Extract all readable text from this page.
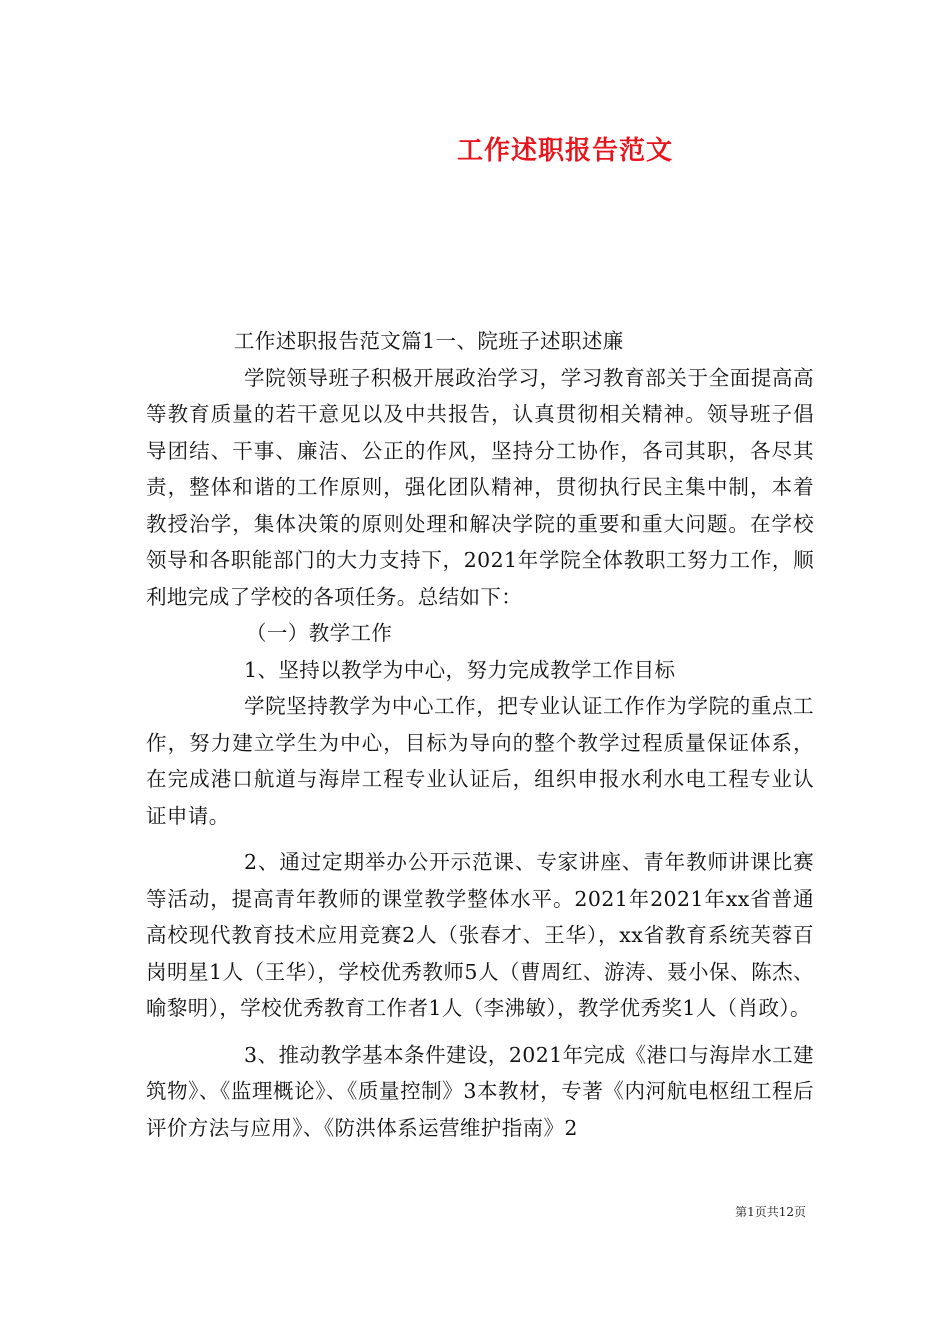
工作述职报告范文

工作述职报告范文篇1一、院班子述职述廉

学院领导班子积极开展政治学习，学习教育部关于全面提高高等教育质量的若干意见以及中共报告，认真贯彻相关精神。领导班子倡导团结、干事、廉洁、公正的作风，坚持分工协作，各司其职，各尽其责，整体和谐的工作原则，强化团队精神，贯彻执行民主集中制，本着教授治学，集体决策的原则处理和解决学院的重要和重大问题。在学校领导和各职能部门的大力支持下，2021年学院全体教职工努力工作，顺利地完成了学校的各项任务。总结如下：

（一）教学工作

1、坚持以教学为中心，努力完成教学工作目标

学院坚持教学为中心工作，把专业认证工作作为学院的重点工作，努力建立学生为中心，目标为导向的整个教学过程质量保证体系，在完成港口航道与海岸工程专业认证后，组织申报水利水电工程专业认证申请。

2、通过定期举办公开示范课、专家讲座、青年教师讲课比赛等活动，提高青年教师的课堂教学整体水平。2021年2021年xx省普通高校现代教育技术应用竞赛2人（张春才、王华），xx省教育系统芙蓉百岗明星1人（王华），学校优秀教师5人（曹周红、游涛、聂小保、陈杰、喻黎明），学校优秀教育工作者1人（李沸敏），教学优秀奖1人（肖政）。

3、推动教学基本条件建设，2021年完成《港口与海岸水工建筑物》、《监理概论》、《质量控制》3本教材，专著《内河航电枢纽工程后评价方法与应用》、《防洪体系运营维护指南》2

第1页共12页
